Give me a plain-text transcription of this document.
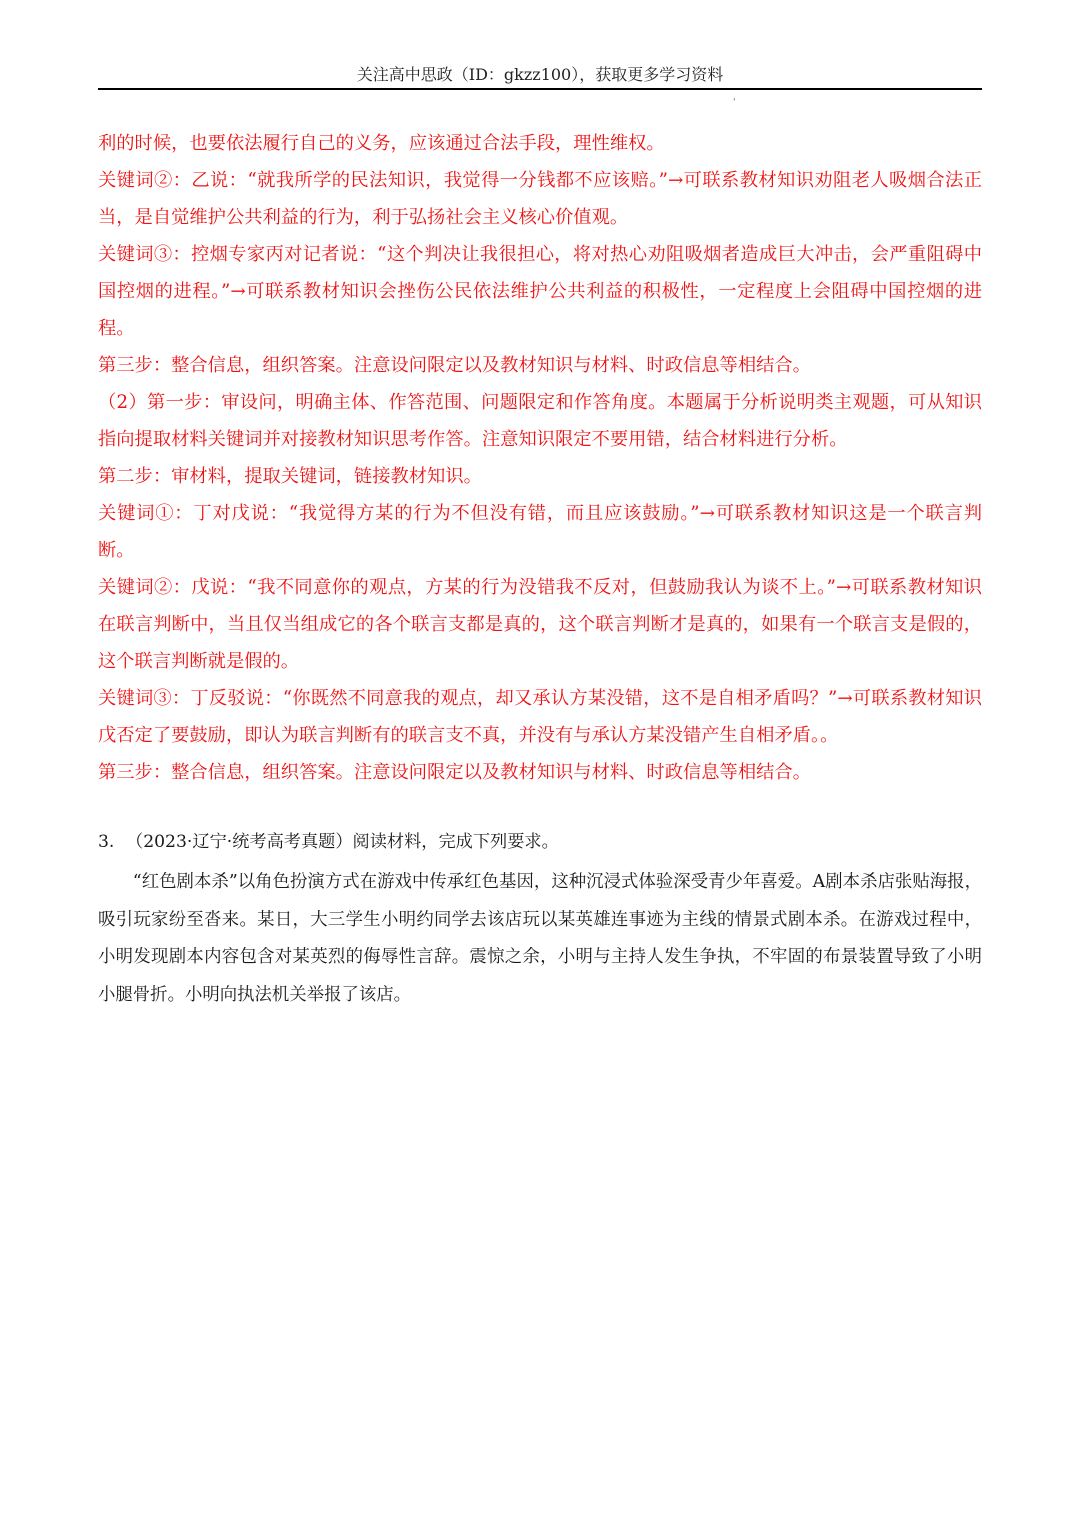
关注高中思政（ID：gkzz100），获取更多学习资料
'

利的时候，也要依法履行自己的义务，应该通过合法手段，理性维权。

关键词②：乙说：“就我所学的民法知识，我觉得一分钱都不应该赔。”→可联系教材知识劝阻老人吸烟合法正当，是自觉维护公共利益的行为，利于弘扬社会主义核心价值观。

关键词③：控烟专家丙对记者说：“这个判决让我很担心，将对热心劝阻吸烟者造成巨大冲击，会严重阻碍中国控烟的进程。”→可联系教材知识会挫伤公民依法维护公共利益的积极性，一定程度上会阻碍中国控烟的进程。

第三步：整合信息，组织答案。注意设问限定以及教材知识与材料、时政信息等相结合。

（2）第一步：审设问，明确主体、作答范围、问题限定和作答角度。本题属于分析说明类主观题，可从知识指向提取材料关键词并对接教材知识思考作答。注意知识限定不要用错，结合材料进行分析。

第二步：审材料，提取关键词，链接教材知识。

关键词①：丁对戊说：“我觉得方某的行为不但没有错，而且应该鼓励。”→可联系教材知识这是一个联言判断。

关键词②：戊说：“我不同意你的观点，方某的行为没错我不反对，但鼓励我认为谈不上。”→可联系教材知识在联言判断中，当且仅当组成它的各个联言支都是真的，这个联言判断才是真的，如果有一个联言支是假的，这个联言判断就是假的。

关键词③：丁反驳说：“你既然不同意我的观点，却又承认方某没错，这不是自相矛盾吗？”→可联系教材知识戊否定了要鼓励，即认为联言判断有的联言支不真，并没有与承认方某没错产生自相矛盾。。

第三步：整合信息，组织答案。注意设问限定以及教材知识与材料、时政信息等相结合。

3. （2023·辽宁·统考高考真题）阅读材料，完成下列要求。

“红色剧本杀”以角色扮演方式在游戏中传承红色基因，这种沉浸式体验深受青少年喜爱。A剧本杀店张贴海报，吸引玩家纷至沓来。某日，大三学生小明约同学去该店玩以某英雄连事迹为主线的情景式剧本杀。在游戏过程中，小明发现剧本内容包含对某英烈的侮辱性言辞。震惊之余，小明与主持人发生争执，不牢固的布景装置导致了小明小腿骨折。小明向执法机关举报了该店。
